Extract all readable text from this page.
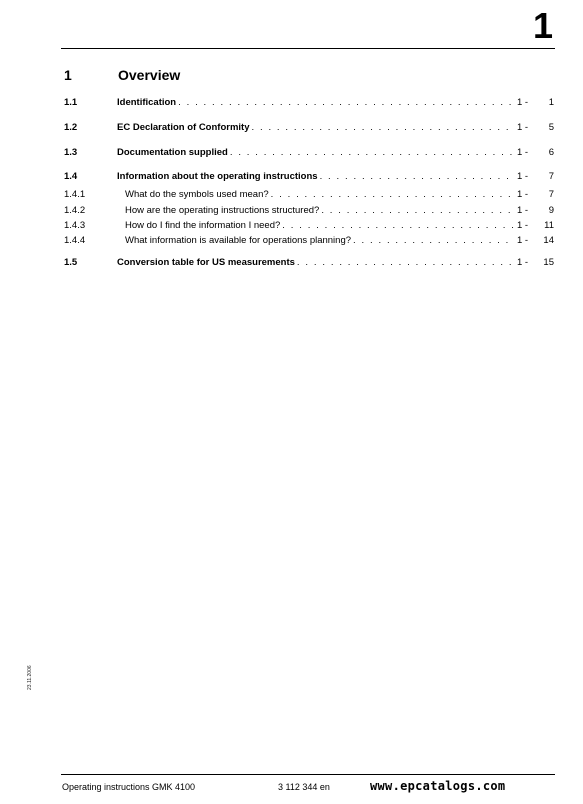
1
1	Overview
1.1	Identification . . .	1 - 1
1.2	EC Declaration of Conformity . . .	1 - 5
1.3	Documentation supplied . . .	1 - 6
1.4	Information about the operating instructions . . .	1 - 7
1.4.1	What do the symbols used mean? . . .	1 - 7
1.4.2	How are the operating instructions structured? . . .	1 - 9
1.4.3	How do I find the information I need? . . .	1 - 11
1.4.4	What information is available for operations planning? . . .	1 - 14
1.5	Conversion table for US measurements . . .	1 - 15
23.11.2006
Operating instructions GMK 4100	3 112 344 en	www.epcatalogs.com
